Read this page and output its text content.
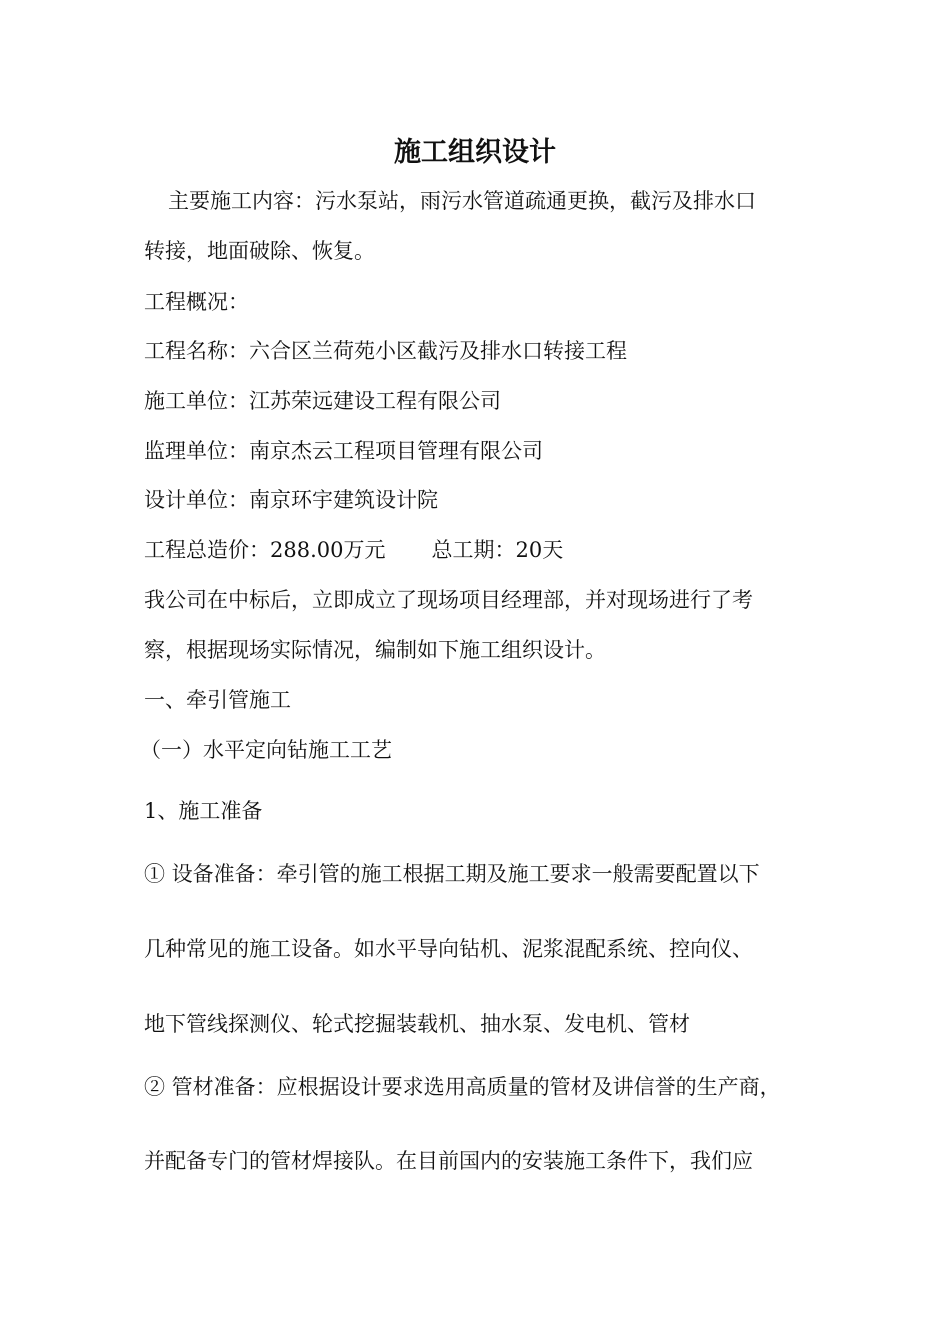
施工组织设计

主要施工内容：污水泵站，雨污水管道疏通更换，截污及排水口

转接，地面破除、恢复。

工程概况：

工程名称：六合区兰荷苑小区截污及排水口转接工程

施工单位：江苏荣远建设工程有限公司

监理单位：南京杰云工程项目管理有限公司

设计单位：南京环宇建筑设计院

工程总造价：288.00万元 总工期：20天

我公司在中标后，立即成立了现场项目经理部，并对现场进行了考

察，根据现场实际情况，编制如下施工组织设计。

一、牵引管施工
（一）水平定向钻施工工艺
1、施工准备

① 设备准备：牵引管的施工根据工期及施工要求一般需要配置以下

几种常见的施工设备。如水平导向钻机、泥浆混配系统、控向仪、

地下管线探测仪、轮式挖掘装载机、抽水泵、发电机、管材

② 管材准备：应根据设计要求选用高质量的管材及讲信誉的生产商，

并配备专门的管材焊接队。在目前国内的安装施工条件下，我们应
